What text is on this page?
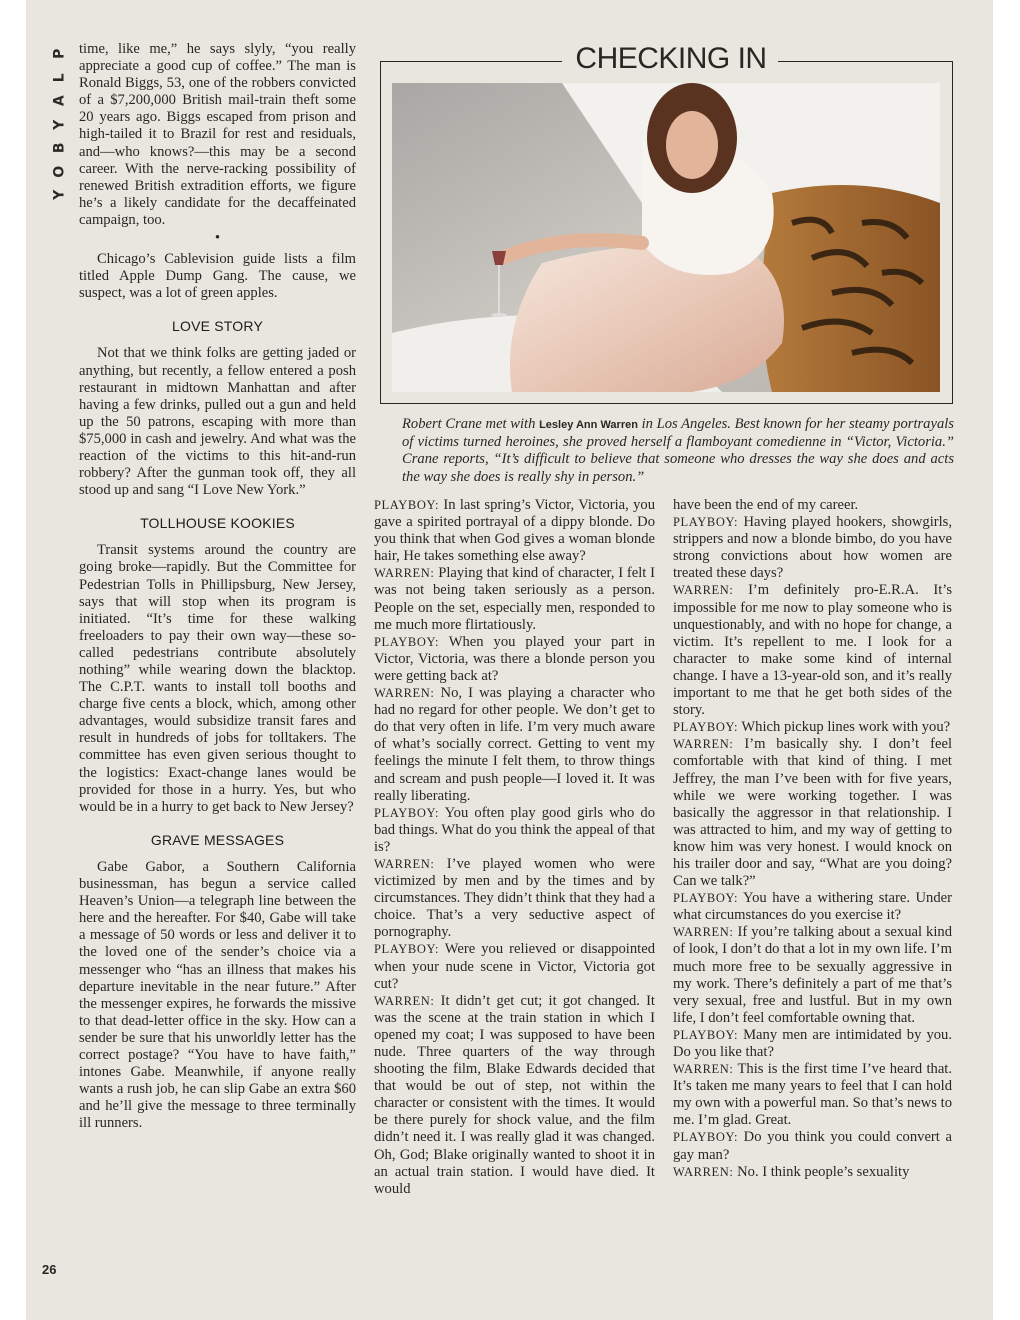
P
L
A
Y
B
O
Y
26

time, like me,” he says slyly, “you really appreciate a good cup of coffee.” The man is Ronald Biggs, 53, one of the robbers convicted of a $7,200,000 British mail-train theft some 20 years ago. Biggs escaped from prison and high-tailed it to Brazil for rest and residuals, and—who knows?—this may be a second career. With the nerve-racking possibility of renewed British extradition efforts, we figure he’s a likely candidate for the decaffeinated campaign, too.

•

Chicago’s Cablevision guide lists a film titled Apple Dump Gang. The cause, we suspect, was a lot of green apples.

LOVE STORY

Not that we think folks are getting jaded or anything, but recently, a fellow entered a posh restaurant in midtown Manhattan and after having a few drinks, pulled out a gun and held up the 50 patrons, escaping with more than $75,000 in cash and jewelry. And what was the reaction of the victims to this hit-and-run robbery? After the gunman took off, they all stood up and sang “I Love New York.”

TOLLHOUSE KOOKIES

Transit systems around the country are going broke—rapidly. But the Committee for Pedestrian Tolls in Phillipsburg, New Jersey, says that will stop when its program is initiated. “It’s time for these walking freeloaders to pay their own way—these so-called pedestrians contribute absolutely nothing” while wearing down the blacktop. The C.P.T. wants to install toll booths and charge five cents a block, which, among other advantages, would subsidize transit fares and result in hundreds of jobs for tolltakers. The committee has even given serious thought to the logistics: Exact-change lanes would be provided for those in a hurry. Yes, but who would be in a hurry to get back to New Jersey?

GRAVE MESSAGES

Gabe Gabor, a Southern California businessman, has begun a service called Heaven’s Union—a telegraph line between the here and the hereafter. For $40, Gabe will take a message of 50 words or less and deliver it to the loved one of the sender’s choice via a messenger who “has an illness that makes his departure inevitable in the near future.” After the messenger expires, he forwards the missive to that dead-letter office in the sky. How can a sender be sure that his unworldly letter has the correct postage? “You have to have faith,” intones Gabe. Meanwhile, if anyone really wants a rush job, he can slip Gabe an extra $60 and he’ll give the message to three terminally ill runners.

CHECKING IN
Robert Crane met with Lesley Ann Warren in Los Angeles. Best known for her steamy portrayals of victims turned heroines, she proved herself a flamboyant comedienne in “Victor, Victoria.” Crane reports, “It’s difficult to believe that someone who dresses the way she does and acts the way she does is really shy in person.”

PLAYBOY: In last spring’s Victor, Victoria, you gave a spirited portrayal of a dippy blonde. Do you think that when God gives a woman blonde hair, He takes something else away?

WARREN: Playing that kind of character, I felt I was not being taken seriously as a person. People on the set, especially men, responded to me much more flirtatiously.

PLAYBOY: When you played your part in Victor, Victoria, was there a blonde person you were getting back at?

WARREN: No, I was playing a character who had no regard for other people. We don’t get to do that very often in life. I’m very much aware of what’s socially correct. Getting to vent my feelings the minute I felt them, to throw things and scream and push people—I loved it. It was really liberating.

PLAYBOY: You often play good girls who do bad things. What do you think the appeal of that is?

WARREN: I’ve played women who were victimized by men and by the times and by circumstances. They didn’t think that they had a choice. That’s a very seductive aspect of pornography.

PLAYBOY: Were you relieved or disappointed when your nude scene in Victor, Victoria got cut?

WARREN: It didn’t get cut; it got changed. It was the scene at the train station in which I opened my coat; I was supposed to have been nude. Three quarters of the way through shooting the film, Blake Edwards decided that that would be out of step, not within the character or consistent with the times. It would be there purely for shock value, and the film didn’t need it. I was really glad it was changed. Oh, God; Blake originally wanted to shoot it in an actual train station. I would have died. It would

have been the end of my career.

PLAYBOY: Having played hookers, showgirls, strippers and now a blonde bimbo, do you have strong convictions about how women are treated these days?

WARREN: I’m definitely pro-E.R.A. It’s impossible for me now to play someone who is unquestionably, and with no hope for change, a victim. It’s repellent to me. I look for a character to make some kind of internal change. I have a 13-year-old son, and it’s really important to me that he get both sides of the story.

PLAYBOY: Which pickup lines work with you?

WARREN: I’m basically shy. I don’t feel comfortable with that kind of thing. I met Jeffrey, the man I’ve been with for five years, while we were working together. I was basically the aggressor in that relationship. I was attracted to him, and my way of getting to know him was very honest. I would knock on his trailer door and say, “What are you doing? Can we talk?”

PLAYBOY: You have a withering stare. Under what circumstances do you exercise it?

WARREN: If you’re talking about a sexual kind of look, I don’t do that a lot in my own life. I’m much more free to be sexually aggressive in my work. There’s definitely a part of me that’s very sexual, free and lustful. But in my own life, I don’t feel comfortable owning that.

PLAYBOY: Many men are intimidated by you. Do you like that?

WARREN: This is the first time I’ve heard that. It’s taken me many years to feel that I can hold my own with a powerful man. So that’s news to me. I’m glad. Great.

PLAYBOY: Do you think you could convert a gay man?

WARREN: No. I think people’s sexuality
